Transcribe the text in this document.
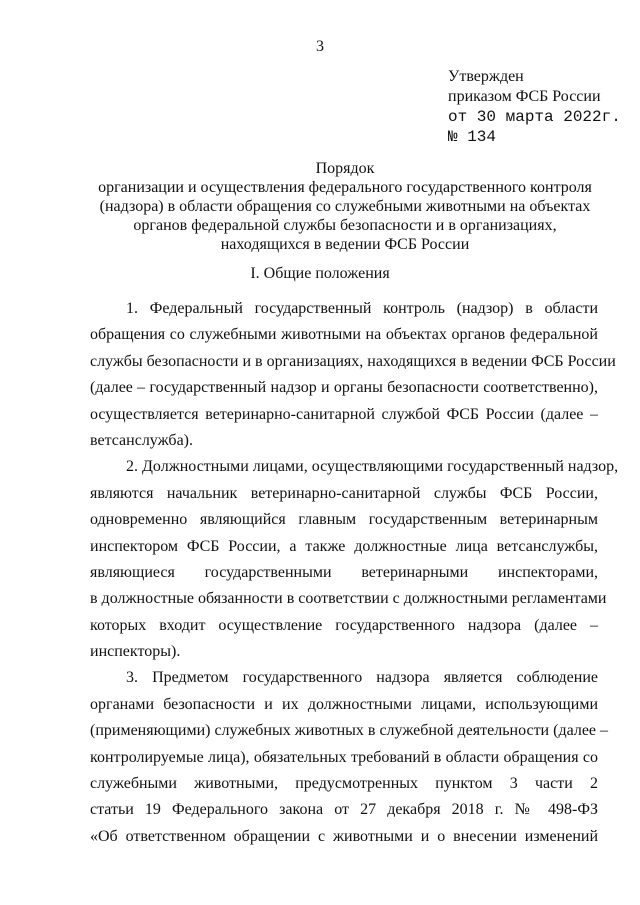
3
Утвержден
приказом ФСБ России
от 30 марта 2022г.
№ 134
Порядок
организации и осуществления федерального государственного контроля
(надзора) в области обращения со служебными животными на объектах
органов федеральной службы безопасности и в организациях,
находящихся в ведении ФСБ России
I. Общие положения
1. Федеральный государственный контроль (надзор) в области
обращения со служебными животными на объектах органов федеральной
службы безопасности и в организациях, находящихся в ведении ФСБ России
(далее – государственный надзор и органы безопасности соответственно),
осуществляется ветеринарно-санитарной службой ФСБ России (далее –
ветсанслужба).
2. Должностными лицами, осуществляющими государственный надзор,
являются начальник ветеринарно-санитарной службы ФСБ России,
одновременно являющийся главным государственным ветеринарным
инспектором ФСБ России, а также должностные лица ветсанслужбы,
являющиеся государственными ветеринарными инспекторами,
в должностные обязанности в соответствии с должностными регламентами
которых входит осуществление государственного надзора (далее –
инспекторы).
3. Предметом государственного надзора является соблюдение
органами безопасности и их должностными лицами, использующими
(применяющими) служебных животных в служебной деятельности (далее –
контролируемые лица), обязательных требований в области обращения со
служебными животными, предусмотренных пунктом 3 части 2
статьи 19 Федерального закона от 27 декабря 2018 г. № 498-ФЗ
«Об ответственном обращении с животными и о внесении изменений
